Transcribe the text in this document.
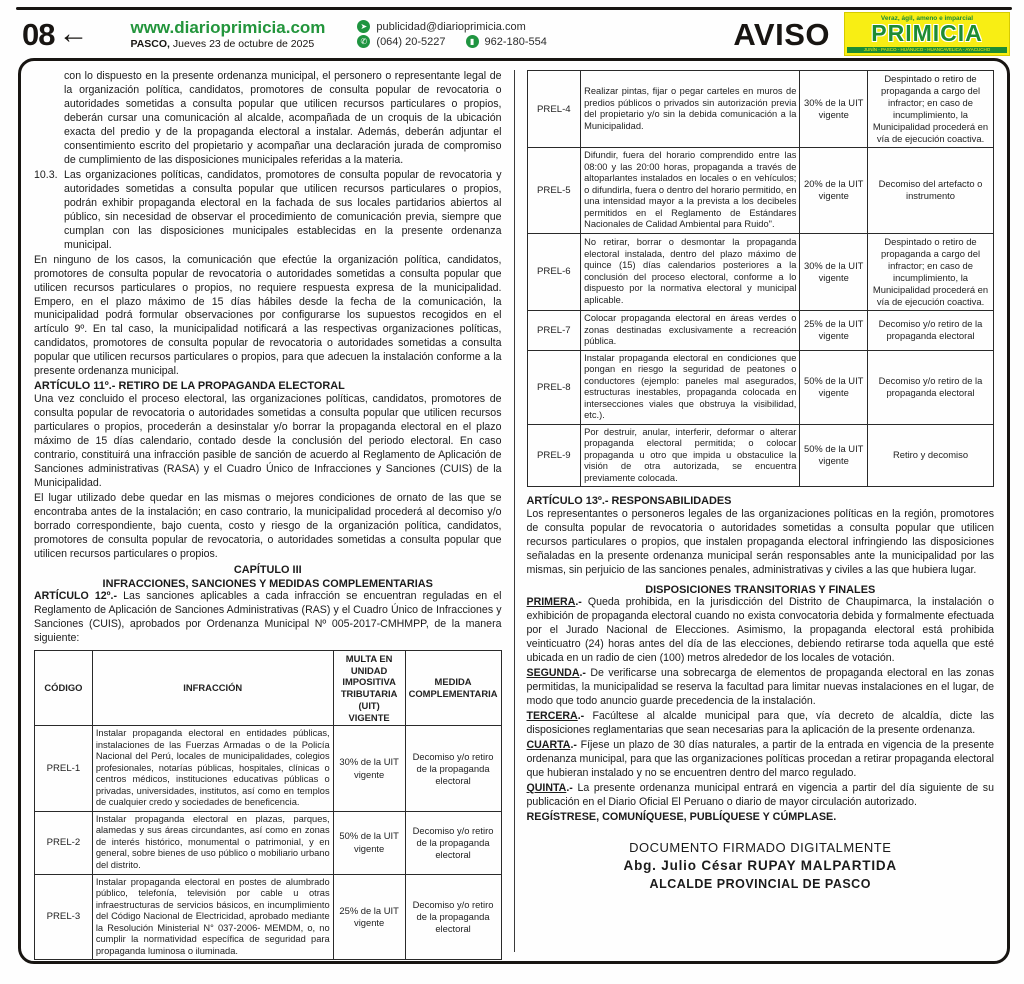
08 ← www.diarioprimicia.com
PASCO, Jueves 23 de octubre de 2025
➤ publicidad@diarioprimicia.com
✆ (064) 20-5227	▮ 962-180-554	AVISO	Veraz, ágil, ameno e imparcial
PRIMICIA
JUNÍN - PASCO - HUÁNUCO - HUANCAVELICA - AYACUCHO

con lo dispuesto en la presente ordenanza municipal, el personero o representante legal de la organización política, candidatos, promotores de consulta popular de revocatoria o autoridades sometidas a consulta popular que utilicen recursos particulares o propios, deberán cursar una comunicación al alcalde, acompañada de un croquis de la ubicación exacta del predio y de la propaganda electoral a instalar. Además, deberán adjuntar el consentimiento escrito del propietario y acompañar una declaración jurada de compromiso de cumplimiento de las disposiciones municipales referidas a la materia.

10.3. Las organizaciones políticas, candidatos, promotores de consulta popular de revocatoria y autoridades sometidas a consulta popular que utilicen recursos particulares o propios, podrán exhibir propaganda electoral en la fachada de sus locales partidarios abiertos al público, sin necesidad de observar el procedimiento de comunicación previa, siempre que cumplan con las disposiciones municipales establecidas en la presente ordenanza municipal.

En ninguno de los casos, la comunicación que efectúe la organización política, candidatos, promotores de consulta popular de revocatoria o autoridades sometidas a consulta popular que utilicen recursos particulares o propios, no requiere respuesta expresa de la municipalidad. Empero, en el plazo máximo de 15 días hábiles desde la fecha de la comunicación, la municipalidad podrá formular observaciones por configurarse los supuestos recogidos en el artículo 9º. En tal caso, la municipalidad notificará a las respectivas organizaciones políticas, candidatos, promotores de consulta popular de revocatoria o autoridades sometidas a consulta popular que utilicen recursos particulares o propios, para que adecuen la instalación conforme a la presente ordenanza municipal.

ARTÍCULO 11º.- RETIRO DE LA PROPAGANDA ELECTORAL

Una vez concluido el proceso electoral, las organizaciones políticas, candidatos, promotores de consulta popular de revocatoria o autoridades sometidas a consulta popular que utilicen recursos particulares o propios, procederán a desinstalar y/o borrar la propaganda electoral en el plazo máximo de 15 días calendario, contado desde la conclusión del periodo electoral. En caso contrario, constituirá una infracción pasible de sanción de acuerdo al Reglamento de Aplicación de Sanciones administrativas (RASA) y el Cuadro Único de Infracciones y Sanciones (CUIS) de la Municipalidad.

El lugar utilizado debe quedar en las mismas o mejores condiciones de ornato de las que se encontraba antes de la instalación; en caso contrario, la municipalidad procederá al decomiso y/o borrado correspondiente, bajo cuenta, costo y riesgo de la organización política, candidatos, promotores de consulta popular de revocatoria, o autoridades sometidas a consulta popular que utilicen recursos particulares o propios.

CAPÍTULO III
INFRACCIONES, SANCIONES Y MEDIDAS COMPLEMENTARIAS

ARTÍCULO 12º.- Las sanciones aplicables a cada infracción se encuentran reguladas en el Reglamento de Aplicación de Sanciones Administrativas (RAS) y el Cuadro Único de Infracciones y Sanciones (CUIS), aprobados por Ordenanza Municipal Nº 005-2017-CMHMPP, de la manera siguiente:

CÓDIGO	INFRACCIÓN	MULTA EN UNIDAD IMPOSITIVA TRIBUTARIA (UIT) VIGENTE	MEDIDA COMPLEMENTARIA
PREL-1	Instalar propaganda electoral en entidades públicas, instalaciones de las Fuerzas Armadas o de la Policía Nacional del Perú, locales de municipalidades, colegios profesionales, notarías públicas, hospitales, clínicas o centros médicos, instituciones educativas públicas o privadas, universidades, institutos, así como en templos de cualquier credo y sociedades de beneficencia.	30% de la UIT vigente	Decomiso y/o retiro de la propaganda electoral
PREL-2	Instalar propaganda electoral en plazas, parques, alamedas y sus áreas circundantes, así como en zonas de interés histórico, monumental o patrimonial, y en general, sobre bienes de uso público o mobiliario urbano del distrito.	50% de la UIT vigente	Decomiso y/o retiro de la propaganda electoral
PREL-3	Instalar propaganda electoral en postes de alumbrado público, telefonía, televisión por cable u otras infraestructuras de servicios básicos, en incumplimiento del Código Nacional de Electricidad, aprobado mediante la Resolución Ministerial N° 037-2006- MEMDM, o, no cumplir la normatividad específica de seguridad para propaganda luminosa o iluminada.	25% de la UIT vigente	Decomiso y/o retiro de la propaganda electoral
PREL-4	Realizar pintas, fijar o pegar carteles en muros de predios públicos o privados sin autorización previa del propietario y/o sin la debida comunicación a la Municipalidad.	30% de la UIT vigente	Despintado o retiro de propaganda a cargo del infractor; en caso de incumplimiento, la Municipalidad procederá en vía de ejecución coactiva.
PREL-5	Difundir, fuera del horario comprendido entre las 08:00 y las 20:00 horas, propaganda a través de altoparlantes instalados en locales o en vehículos; o difundirla, fuera o dentro del horario permitido, en una intensidad mayor a la prevista a los decibeles permitidos en el Reglamento de Estándares Nacionales de Calidad Ambiental para Ruido".	20% de la UIT vigente	Decomiso del artefacto o instrumento
PREL-6	No retirar, borrar o desmontar la propaganda electoral instalada, dentro del plazo máximo de quince (15) días calendarios posteriores a la conclusión del proceso electoral, conforme a lo dispuesto por la normativa electoral y municipal aplicable.	30% de la UIT vigente	Despintado o retiro de propaganda a cargo del infractor; en caso de incumplimiento, la Municipalidad procederá en vía de ejecución coactiva.
PREL-7	Colocar propaganda electoral en áreas verdes o zonas destinadas exclusivamente a recreación pública.	25% de la UIT vigente	Decomiso y/o retiro de la propaganda electoral
PREL-8	Instalar propaganda electoral en condiciones que pongan en riesgo la seguridad de peatones o conductores (ejemplo: paneles mal asegurados, estructuras inestables, propaganda colocada en intersecciones viales que obstruya la visibilidad, etc.).	50% de la UIT vigente	Decomiso y/o retiro de la propaganda electoral
PREL-9	Por destruir, anular, interferir, deformar o alterar propaganda electoral permitida; o colocar propaganda u otro que impida u obstaculice la visión de otra autorizada, se encuentra previamente colocada.	50% de la UIT vigente	Retiro y decomiso
ARTÍCULO 13º.- RESPONSABILIDADES

Los representantes o personeros legales de las organizaciones políticas en la región, promotores de consulta popular de revocatoria o autoridades sometidas a consulta popular que utilicen recursos particulares o propios, que instalen propaganda electoral infringiendo las disposiciones señaladas en la presente ordenanza municipal serán responsables ante la municipalidad por las mismas, sin perjuicio de las sanciones penales, administrativas y civiles a las que hubiera lugar.

DISPOSICIONES TRANSITORIAS Y FINALES

PRIMERA.- Queda prohibida, en la jurisdicción del Distrito de Chaupimarca, la instalación o exhibición de propaganda electoral cuando no exista convocatoria debida y formalmente efectuada por el Jurado Nacional de Elecciones. Asimismo, la propaganda electoral está prohibida veinticuatro (24) horas antes del día de las elecciones, debiendo retirarse toda aquella que esté ubicada en un radio de cien (100) metros alrededor de los locales de votación.

SEGUNDA.- De verificarse una sobrecarga de elementos de propaganda electoral en las zonas permitidas, la municipalidad se reserva la facultad para limitar nuevas instalaciones en el lugar, de modo que todo anuncio guarde precedencia de la instalación.

TERCERA.- Facúltese al alcalde municipal para que, vía decreto de alcaldía, dicte las disposiciones reglamentarias que sean necesarias para la aplicación de la presente ordenanza.

CUARTA.- Fíjese un plazo de 30 días naturales, a partir de la entrada en vigencia de la presente ordenanza municipal, para que las organizaciones políticas procedan a retirar propaganda electoral que hubieran instalado y no se encuentren dentro del marco regulado.

QUINTA.- La presente ordenanza municipal entrará en vigencia a partir del día siguiente de su publicación en el Diario Oficial El Peruano o diario de mayor circulación autorizado.

REGÍSTRESE, COMUNÍQUESE, PUBLÍQUESE Y CÚMPLASE.

DOCUMENTO FIRMADO DIGITALMENTE
Abg. Julio César RUPAY MALPARTIDA
ALCALDE PROVINCIAL DE PASCO
